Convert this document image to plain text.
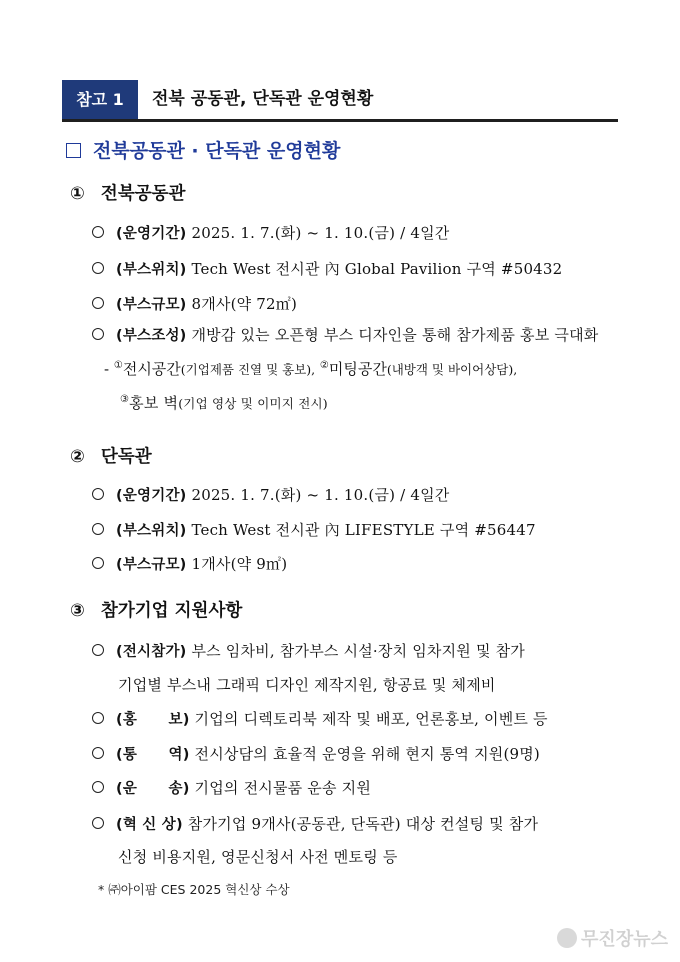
참고 1	전북 공동관, 단독관 운영현황
전북공동관 · 단독관 운영현황
① 전북공동관
(운영기간) 2025. 1. 7.(화) ~ 1. 10.(금) / 4일간
(부스위치) Tech West 전시관 內 Global Pavilion 구역 #50432
(부스규모) 8개사(약 72㎡)
(부스조성) 개방감 있는 오픈형 부스 디자인을 통해 참가제품 홍보 극대화
- ①전시공간(기업제품 진열 및 홍보), ②미팅공간(내방객 및 바이어상담),
③홍보 벽(기업 영상 및 이미지 전시)
② 단독관
(운영기간) 2025. 1. 7.(화) ~ 1. 10.(금) / 4일간
(부스위치) Tech West 전시관 內 LIFESTYLE 구역 #56447
(부스규모) 1개사(약 9㎡)
③ 참가기업 지원사항
(전시참가) 부스 임차비, 참가부스 시설·장치 임차지원 및 참가
기업별 부스내 그래픽 디자인 제작지원, 항공료 및 체제비
(홍      보) 기업의 디렉토리북 제작 및 배포, 언론홍보, 이벤트 등
(통      역) 전시상담의 효율적 운영을 위해 현지 통역 지원(9명)
(운      송) 기업의 전시물품 운송 지원
(혁 신 상) 참가기업 9개사(공동관, 단독관) 대상 컨설팅 및 참가
신청 비용지원, 영문신청서 사전 멘토링 등
* ㈜아이팜 CES 2025 혁신상 수상
무진장뉴스
